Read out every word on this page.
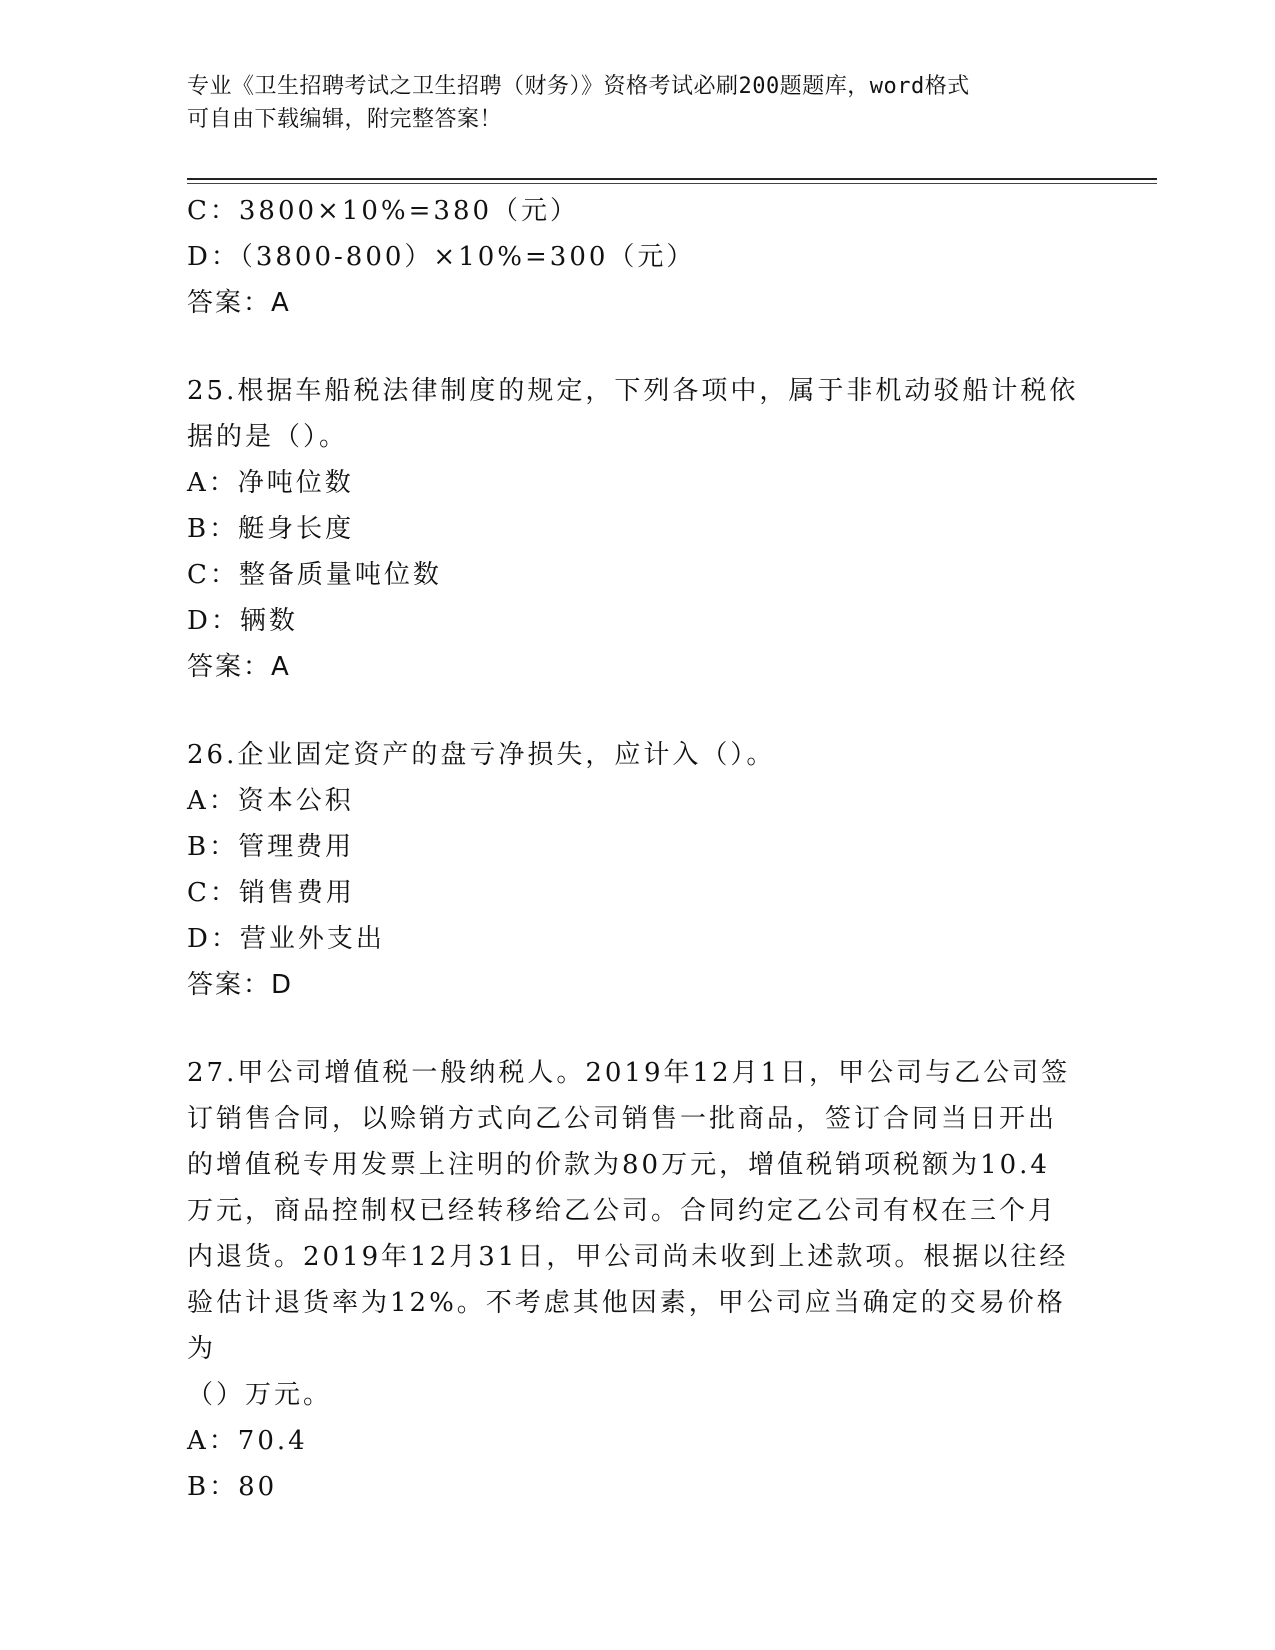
专业《卫生招聘考试之卫生招聘（财务）》资格考试必刷200题题库，word格式
可自由下载编辑，附完整答案！
C：3800×10%=380（元）
D：（3800-800）×10%=300（元）
答案：A
25.根据车船税法律制度的规定，下列各项中，属于非机动驳船计税依
据的是（）。
A：净吨位数
B：艇身长度
C：整备质量吨位数
D：辆数
答案：A
26.企业固定资产的盘亏净损失，应计入（）。
A：资本公积
B：管理费用
C：销售费用
D：营业外支出
答案：D
27.甲公司增值税一般纳税人。2019年12月1日，甲公司与乙公司签
订销售合同，以赊销方式向乙公司销售一批商品，签订合同当日开出
的增值税专用发票上注明的价款为80万元，增值税销项税额为10.4
万元，商品控制权已经转移给乙公司。合同约定乙公司有权在三个月
内退货。2019年12月31日，甲公司尚未收到上述款项。根据以往经
验估计退货率为12%。不考虑其他因素，甲公司应当确定的交易价格为
（）万元。
A：70.4
B：80
